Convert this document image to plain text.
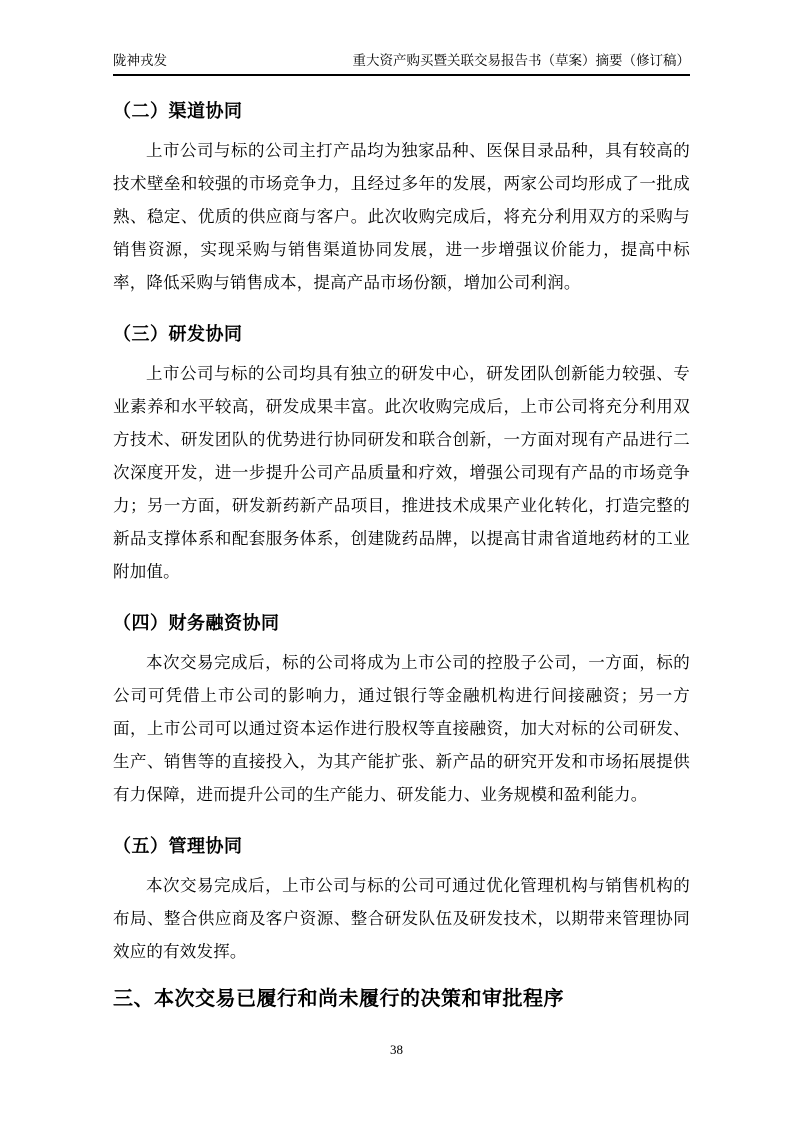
陇神戎发	重大资产购买暨关联交易报告书（草案）摘要（修订稿）
（二）渠道协同

上市公司与标的公司主打产品均为独家品种、医保目录品种，具有较高的技术壁垒和较强的市场竞争力，且经过多年的发展，两家公司均形成了一批成熟、稳定、优质的供应商与客户。此次收购完成后，将充分利用双方的采购与销售资源，实现采购与销售渠道协同发展，进一步增强议价能力，提高中标率，降低采购与销售成本，提高产品市场份额，增加公司利润。

（三）研发协同

上市公司与标的公司均具有独立的研发中心，研发团队创新能力较强、专业素养和水平较高，研发成果丰富。此次收购完成后，上市公司将充分利用双方技术、研发团队的优势进行协同研发和联合创新，一方面对现有产品进行二次深度开发，进一步提升公司产品质量和疗效，增强公司现有产品的市场竞争力；另一方面，研发新药新产品项目，推进技术成果产业化转化，打造完整的新品支撑体系和配套服务体系，创建陇药品牌，以提高甘肃省道地药材的工业附加值。

（四）财务融资协同

本次交易完成后，标的公司将成为上市公司的控股子公司，一方面，标的公司可凭借上市公司的影响力，通过银行等金融机构进行间接融资；另一方面，上市公司可以通过资本运作进行股权等直接融资，加大对标的公司研发、生产、销售等的直接投入，为其产能扩张、新产品的研究开发和市场拓展提供有力保障，进而提升公司的生产能力、研发能力、业务规模和盈利能力。

（五）管理协同

本次交易完成后，上市公司与标的公司可通过优化管理机构与销售机构的布局、整合供应商及客户资源、整合研发队伍及研发技术，以期带来管理协同效应的有效发挥。

三、本次交易已履行和尚未履行的决策和审批程序
38
